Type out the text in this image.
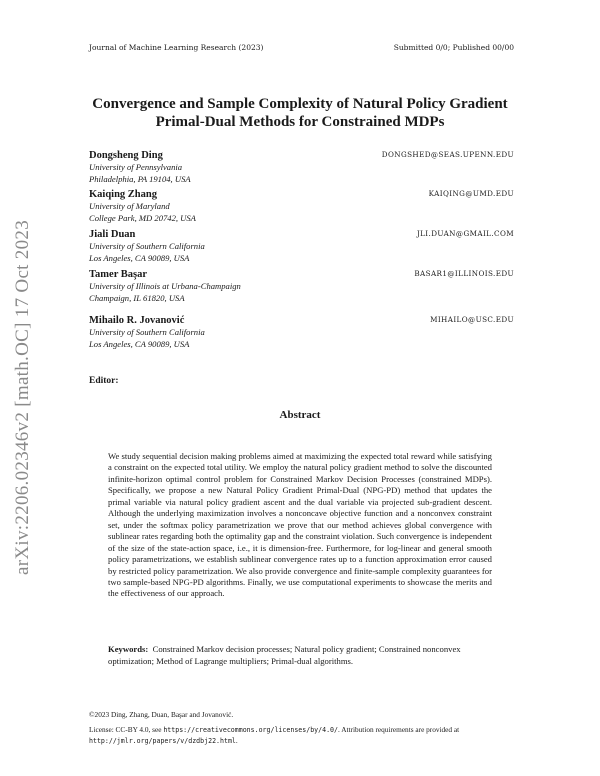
Journal of Machine Learning Research (2023)	Submitted 0/0; Published 00/00
arXiv:2206.02346v2 [math.OC] 17 Oct 2023
Convergence and Sample Complexity of Natural Policy Gradient Primal-Dual Methods for Constrained MDPs
Dongsheng Ding
University of Pennsylvania
Philadelphia, PA 19104, USA
DONGSHED@SEAS.UPENN.EDU
Kaiqing Zhang
University of Maryland
College Park, MD 20742, USA
KAIQING@UMD.EDU
Jiali Duan
University of Southern California
Los Angeles, CA 90089, USA
JLI.DUAN@GMAIL.COM
Tamer Başar
University of Illinois at Urbana-Champaign
Champaign, IL 61820, USA
BASAR1@ILLINOIS.EDU
Mihailo R. Jovanović
University of Southern California
Los Angeles, CA 90089, USA
MIHAILO@USC.EDU
Editor:
Abstract
We study sequential decision making problems aimed at maximizing the expected total reward while satisfying a constraint on the expected total utility. We employ the natural policy gradient method to solve the discounted infinite-horizon optimal control problem for Constrained Markov Decision Processes (constrained MDPs). Specifically, we propose a new Natural Policy Gradient Primal-Dual (NPG-PD) method that updates the primal variable via natural policy gradient ascent and the dual variable via projected sub-gradient descent. Although the underlying maximization involves a nonconcave objective function and a nonconvex constraint set, under the softmax policy parametrization we prove that our method achieves global convergence with sublinear rates regarding both the optimality gap and the constraint violation. Such convergence is independent of the size of the state-action space, i.e., it is dimension-free. Furthermore, for log-linear and general smooth policy parametrizations, we establish sublinear convergence rates up to a function approximation error caused by restricted policy parametrization. We also provide convergence and finite-sample complexity guarantees for two sample-based NPG-PD algorithms. Finally, we use computational experiments to showcase the merits and the effectiveness of our approach.
Keywords: Constrained Markov decision processes; Natural policy gradient; Constrained nonconvex optimization; Method of Lagrange multipliers; Primal-dual algorithms.
©2023 Ding, Zhang, Duan, Başar and Jovanović.
License: CC-BY 4.0, see https://creativecommons.org/licenses/by/4.0/. Attribution requirements are provided at
http://jmlr.org/papers/v/dzdbj22.html.
